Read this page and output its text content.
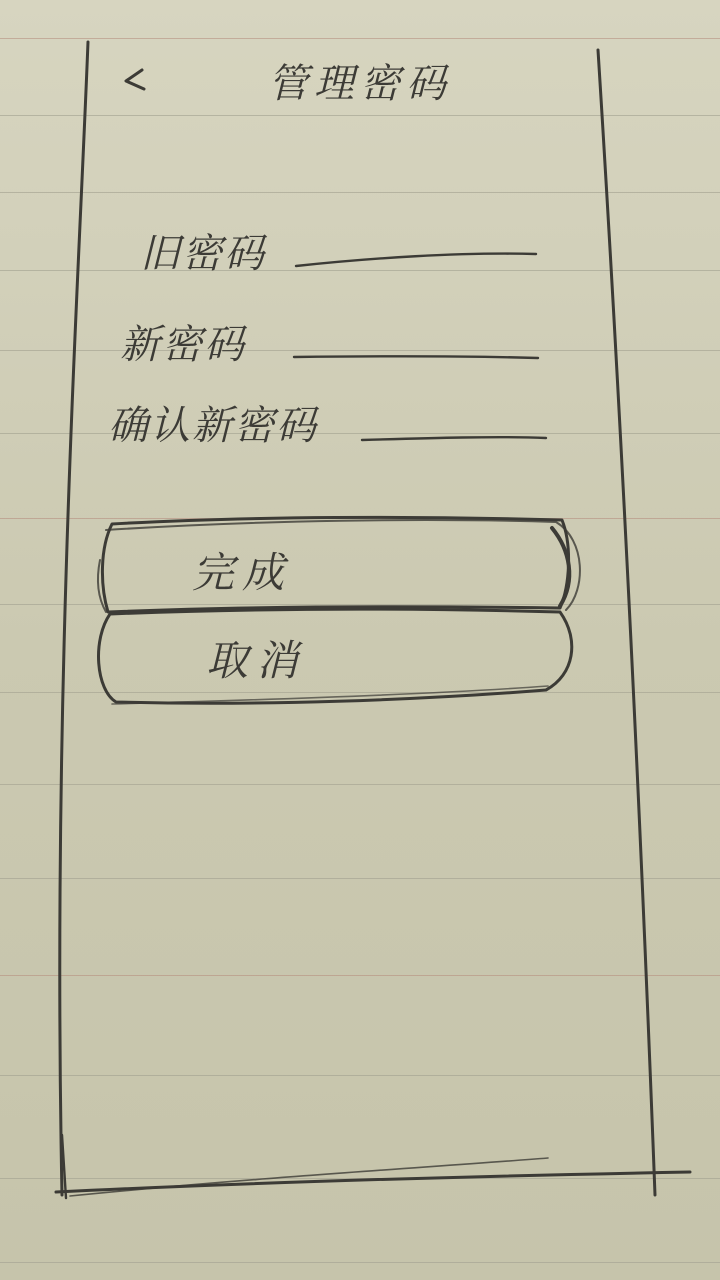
管理密码
旧密码
新密码
确认新密码
完成
取消
